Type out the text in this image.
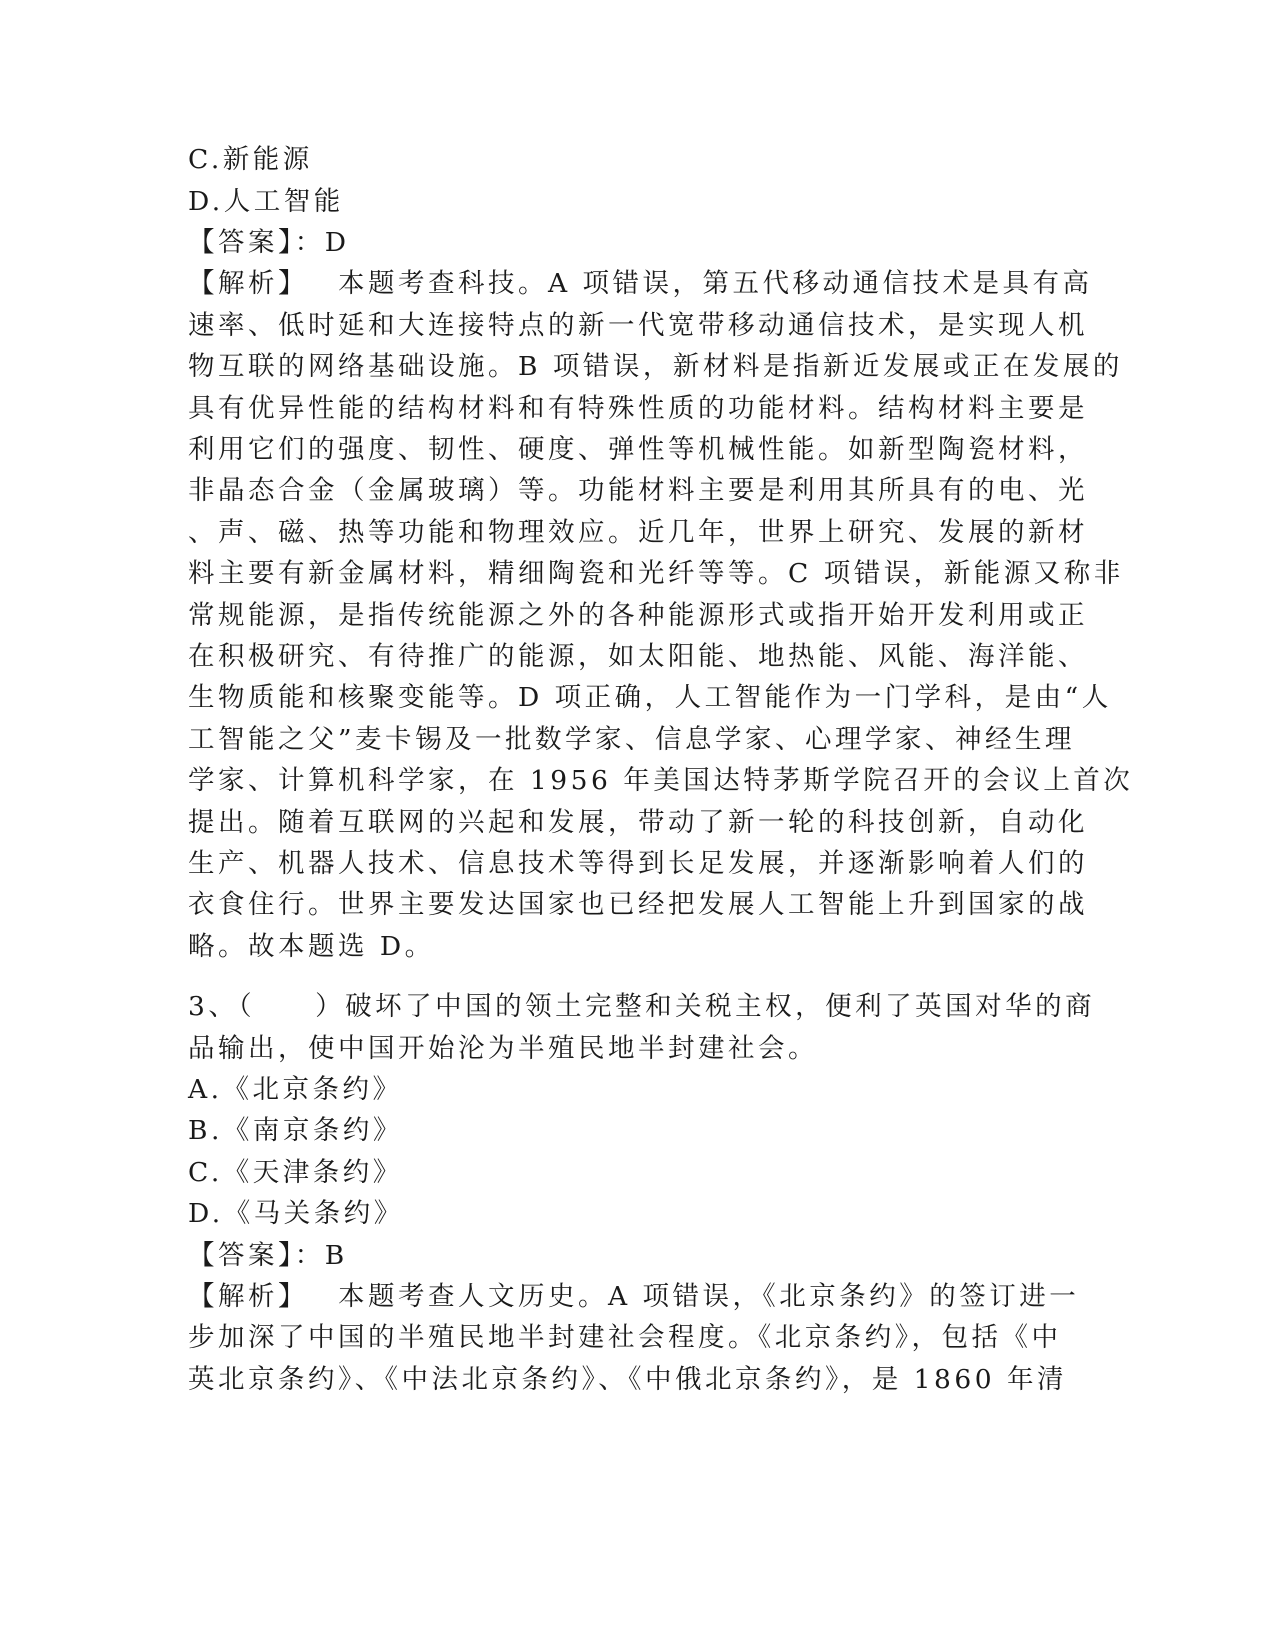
C.新能源
D.人工智能
【答案】：D
【解析】 本题考查科技。A 项错误，第五代移动通信技术是具有高
速率、低时延和大连接特点的新一代宽带移动通信技术，是实现人机
物互联的网络基础设施。B 项错误，新材料是指新近发展或正在发展的
具有优异性能的结构材料和有特殊性质的功能材料。结构材料主要是
利用它们的强度、韧性、硬度、弹性等机械性能。如新型陶瓷材料，
非晶态合金（金属玻璃）等。功能材料主要是利用其所具有的电、光
、声、磁、热等功能和物理效应。近几年，世界上研究、发展的新材
料主要有新金属材料，精细陶瓷和光纤等等。C 项错误，新能源又称非
常规能源，是指传统能源之外的各种能源形式或指开始开发利用或正
在积极研究、有待推广的能源，如太阳能、地热能、风能、海洋能、
生物质能和核聚变能等。D 项正确，人工智能作为一门学科，是由“人
工智能之父”麦卡锡及一批数学家、信息学家、心理学家、神经生理
学家、计算机科学家，在 1956 年美国达特茅斯学院召开的会议上首次
提出。随着互联网的兴起和发展，带动了新一轮的科技创新，自动化
生产、机器人技术、信息技术等得到长足发展，并逐渐影响着人们的
衣食住行。世界主要发达国家也已经把发展人工智能上升到国家的战
略。故本题选 D。
3、（　　）破坏了中国的领土完整和关税主权，便利了英国对华的商
品输出，使中国开始沦为半殖民地半封建社会。
A.《北京条约》
B.《南京条约》
C.《天津条约》
D.《马关条约》
【答案】：B
【解析】 本题考查人文历史。A 项错误，《北京条约》的签订进一
步加深了中国的半殖民地半封建社会程度。《北京条约》，包括《中
英北京条约》、《中法北京条约》、《中俄北京条约》，是 1860 年清
